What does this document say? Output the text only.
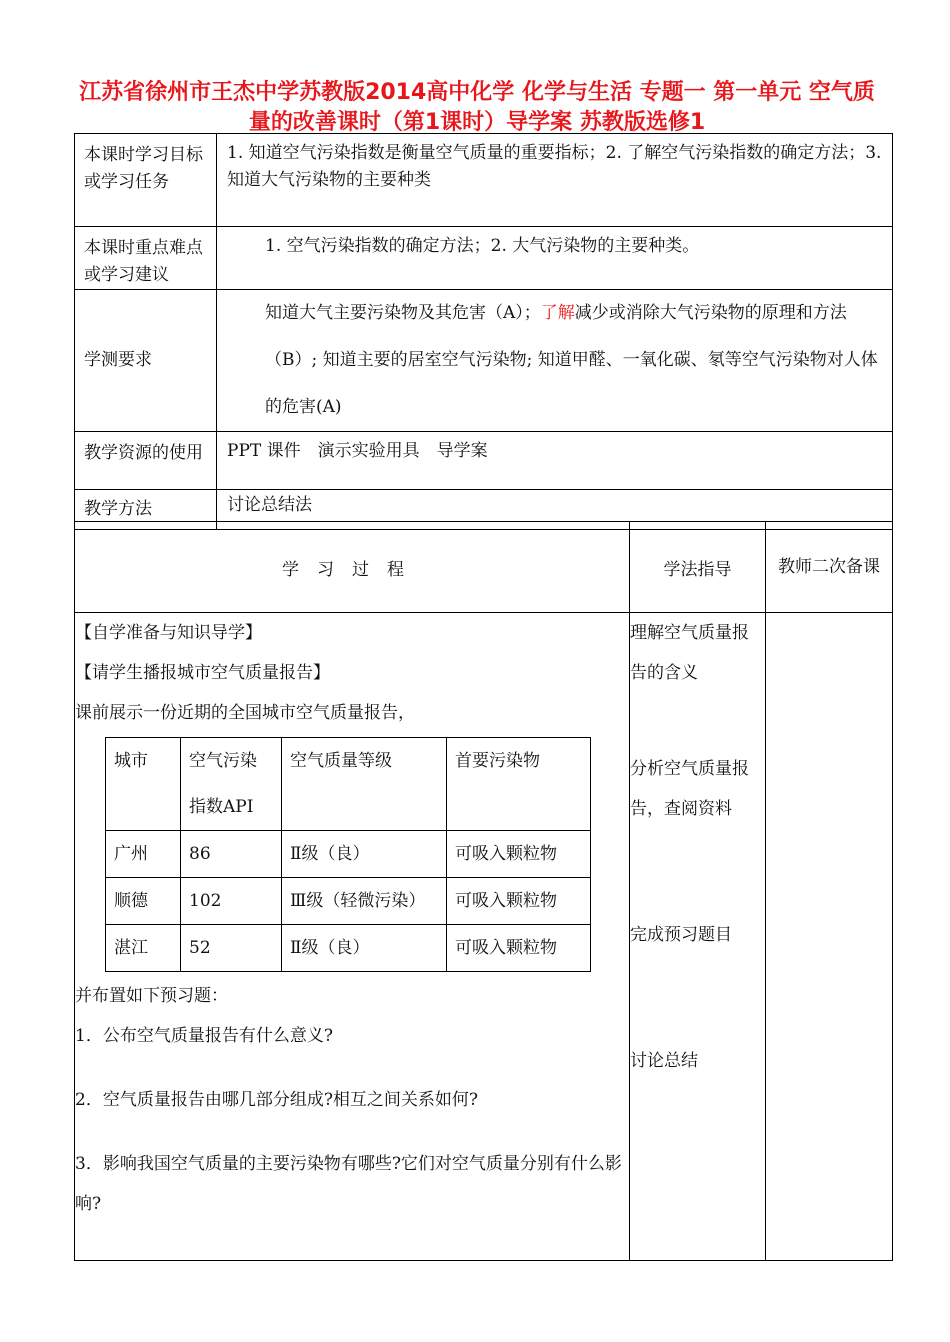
江苏省徐州市王杰中学苏教版2014高中化学 化学与生活 专题一 第一单元 空气质量的改善课时（第1课时）导学案 苏教版选修1
本课时学习目标或学习任务	1. 知道空气污染指数是衡量空气质量的重要指标；2. 了解空气污染指数的确定方法；3. 知道大气污染物的主要种类
本课时重点难点或学习建议	1. 空气污染指数的确定方法；2. 大气污染物的主要种类。
学测要求	知道大气主要污染物及其危害（A）；了解减少或消除大气污染物的原理和方法（B）; 知道主要的居室空气污染物; 知道甲醛、一氧化碳、氡等空气污染物对人体的危害(A)
教学资源的使用	PPT 课件　演示实验用具　导学案
教学方法	讨论总结法
学习过程	学法指导	教师二次备课

【自学准备与知识导学】
【请学生播报城市空气质量报告】
课前展示一份近期的全国城市空气质量报告，
城市	空气污染指数API	空气质量等级	首要污染物
广州	86	Ⅱ级（良）	可吸入颗粒物
顺德	102	Ⅲ级（轻微污染）	可吸入颗粒物
湛江	52	Ⅱ级（良）	可吸入颗粒物
并布置如下预习题：
1．公布空气质量报告有什么意义?
2．空气质量报告由哪几部分组成?相互之间关系如何?
3．影响我国空气质量的主要污染物有哪些?它们对空气质量分别有什么影响?

理解空气质量报告的含义
分析空气质量报告，查阅资料
完成预习题目
讨论总结
